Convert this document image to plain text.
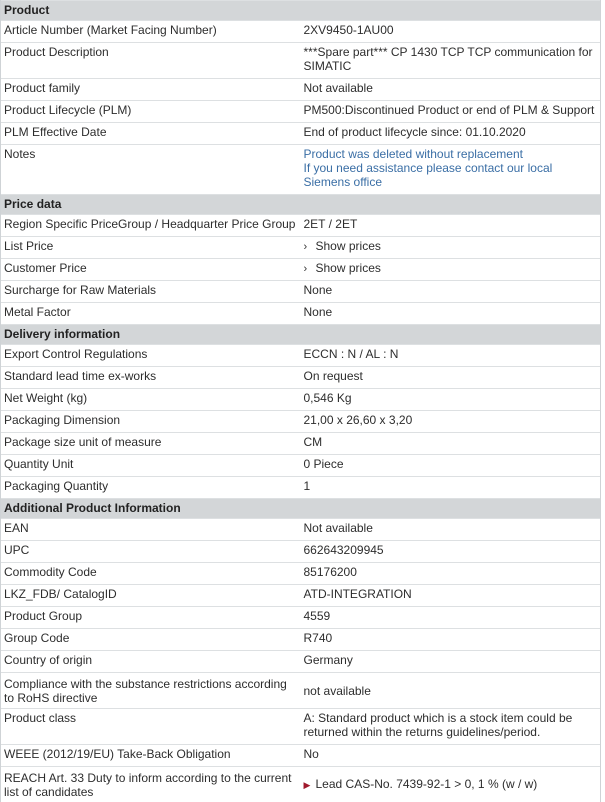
Product	
Article Number (Market Facing Number)	2XV9450-1AU00
Product Description	***Spare part*** CP 1430 TCP TCP communication for SIMATIC
Product family	Not available
Product Lifecycle (PLM)	PM500:Discontinued Product or end of PLM & Support
PLM Effective Date	End of product lifecycle since: 01.10.2020
Notes	Product was deleted without replacement
If you need assistance please contact our local Siemens office

Price data	
Region Specific PriceGroup / Headquarter Price Group	2ET / 2ET
List Price	› Show prices
Customer Price	› Show prices
Surcharge for Raw Materials	None
Metal Factor	None
Delivery information	
Export Control Regulations	ECCN : N / AL : N
Standard lead time ex-works	On request
Net Weight (kg)	0,546 Kg
Packaging Dimension	21,00 x 26,60 x 3,20
Package size unit of measure	CM
Quantity Unit	0 Piece
Packaging Quantity	1
Additional Product Information	
EAN	Not available
UPC	662643209945
Commodity Code	85176200
LKZ_FDB/ CatalogID	ATD-INTEGRATION
Product Group	4559
Group Code	R740
Country of origin	Germany
Compliance with the substance restrictions according to RoHS directive	not available
Product class	A: Standard product which is a stock item could be returned within the returns guidelines/period.
WEEE (2012/19/EU) Take-Back Obligation	No
REACH Art. 33 Duty to inform according to the current list of candidates	▶ Lead CAS-No. 7439-92-1 > 0, 1 % (w / w)
